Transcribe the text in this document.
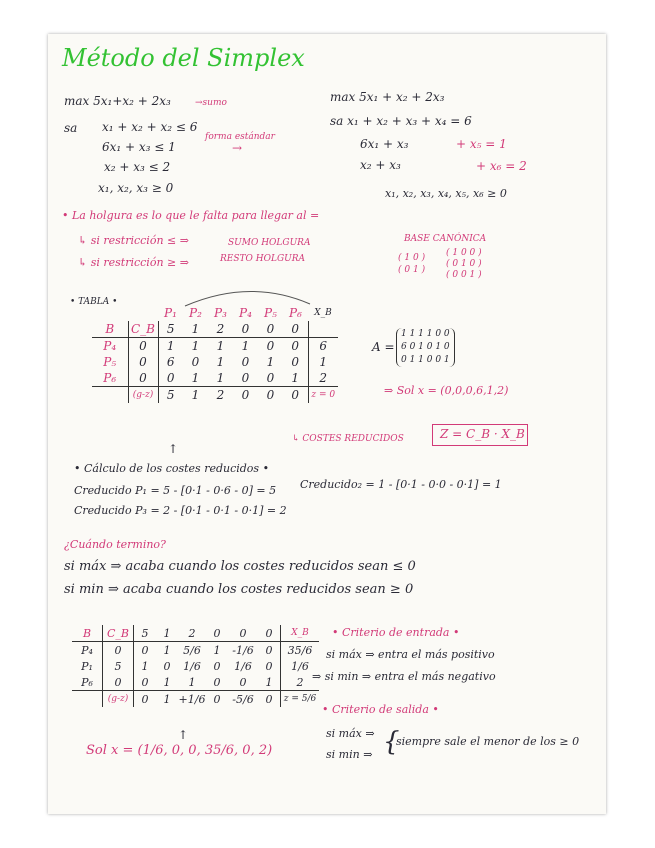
Método del Simplex
max 5x₁+x₂ + 2x₃	→sumo
sa x₁ + x₂ + x₂ ≤ 6
6x₁ + x₃ ≤ 1
forma estándar
→
x₂ + x₃ ≤ 2
x₁, x₂, x₃ ≥ 0
max 5x₁ + x₂ + 2x₃
sa x₁ + x₂ + x₃ + x₄ = 6
6x₁ + x₃	+ x₅ = 1
x₂ + x₃	+ x₆ = 2
x₁, x₂, x₃, x₄, x₅, x₆ ≥ 0
• La holgura es lo que le falta para llegar al =
↳ si restricción ≤ ⇒	SUMO HOLGURA
↳ si restricción ≥ ⇒	RESTO HOLGURA
BASE CANÓNICA
( 1 0 )
( 0 1 )
( 1 0 0 )
( 0 1 0 )
( 0 0 1 )
• TABLA •
		P₁	P₂	P₃	P₄	P₅	P₆	X_B
B	C_B	5	1	2	0	0	0	
P₄	0	1	1	1	1	0	0	6
P₅	0	6	0	1	0	1	0	1
P₆	0	0	1	1	0	0	1	2
	(g-z)	5	1	2	0	0	0	z = 0
A =
1 1 1 1 0 0
6 0 1 0 1 0
0 1 1 0 0 1
⇒ Sol x = (0,0,0,6,1,2)
↳ COSTES REDUCIDOS	Z = C_B · X_B
↑
• Cálculo de los costes reducidos •
Creducido P₁ = 5 - [0·1 - 0·6 - 0] = 5
Creducido P₃ = 2 - [0·1 - 0·1 - 0·1] = 2
Creducido₂ = 1 - [0·1 - 0·0 - 0·1] = 1
¿Cuándo termino?
si máx ⇒ acaba cuando los costes reducidos sean ≤ 0
si min ⇒ acaba cuando los costes reducidos sean ≥ 0
B	C_B	5	1	2	0	0	0	X_B
P₄	0	0	1	5/6	1	-1/6	0	35/6
P₁	5	1	0	1/6	0	1/6	0	1/6
P₆	0	0	1	1	0	0	1	2
	(g-z)	0	1	+1/6	0	-5/6	0	z = 5/6
↑
Sol x = (1/6, 0, 0, 35/6, 0, 2)
• Criterio de entrada •
si máx ⇒ entra el más positivo
⇒ si min ⇒ entra el más negativo
• Criterio de salida •
si máx ⇒
si min ⇒ {
siempre sale el menor de los ≥ 0
